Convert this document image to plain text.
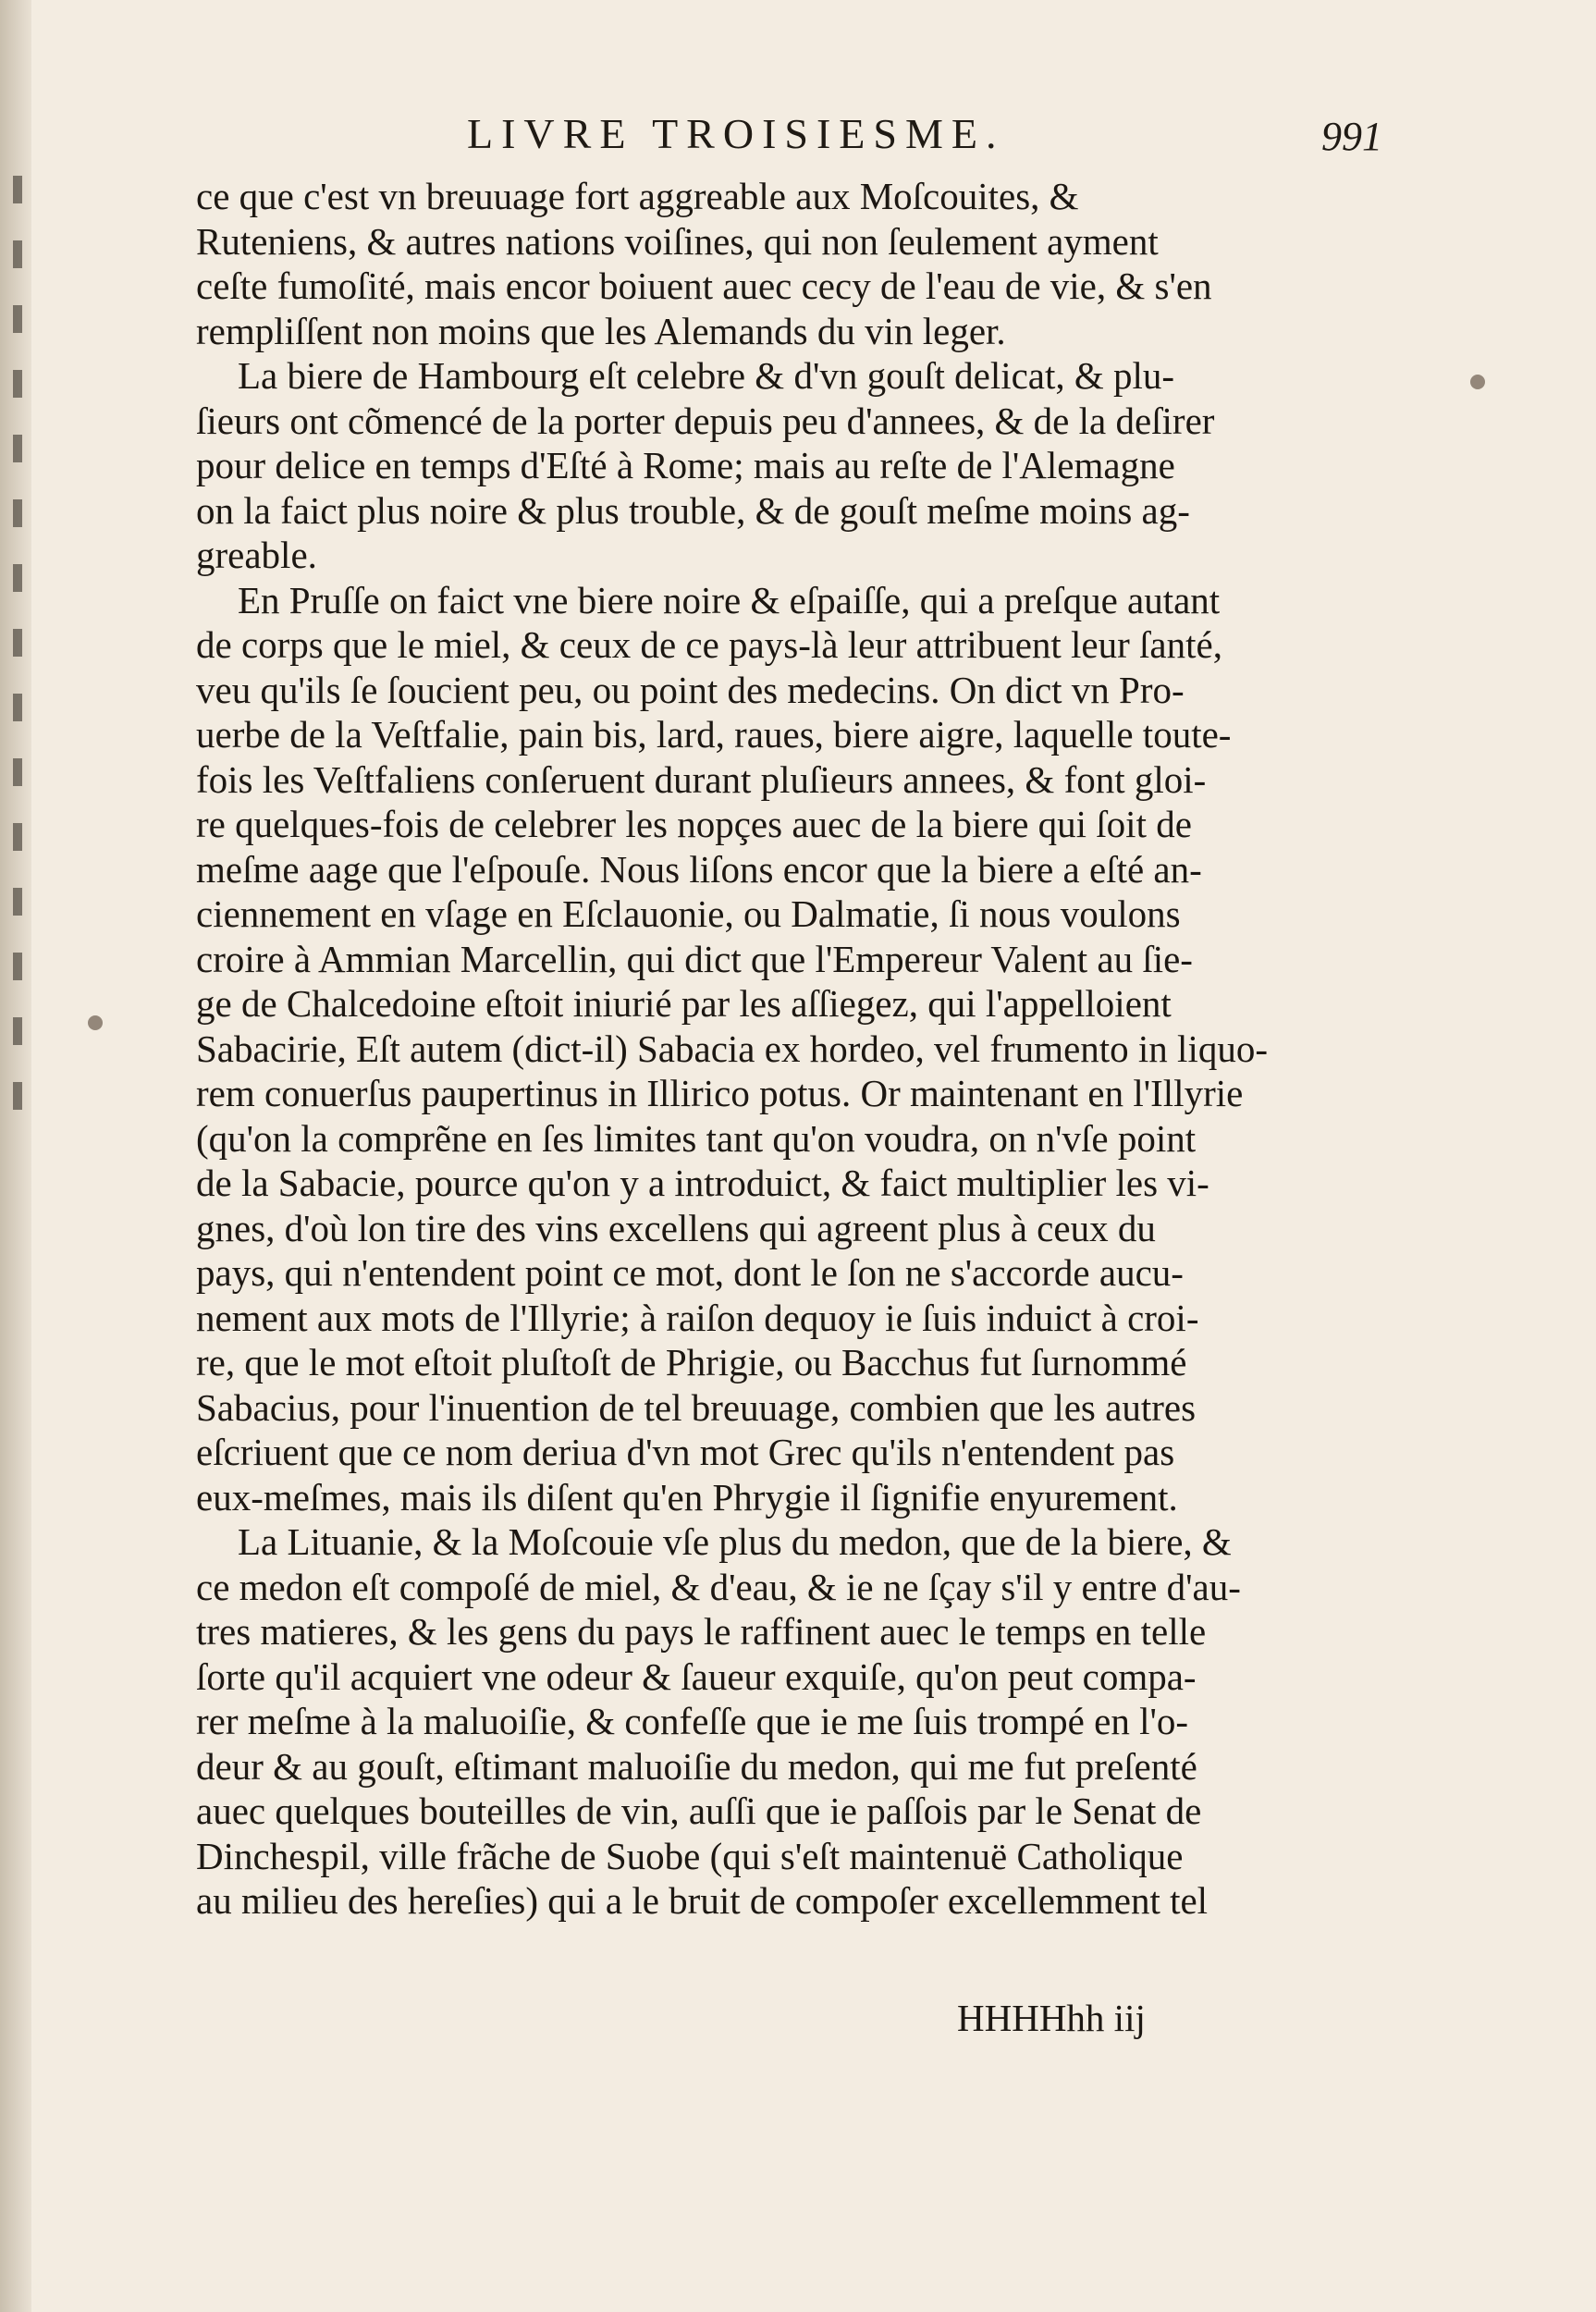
LIVRE TROISIESME.	991
ce que c'est vn breuuage fort aggreable aux Moſcouites, &
Ruteniens, & autres nations voiſines, qui non ſeulement ayment
ceſte fumoſité, mais encor boiuent auec cecy de l'eau de vie, & s'en
rempliſſent non moins que les Alemands du vin leger.
La biere de Hambourg eſt celebre & d'vn gouſt delicat, & plu-
ſieurs ont cõmencé de la porter depuis peu d'annees, & de la deſirer
pour delice en temps d'Eſté à Rome; mais au reſte de l'Alemagne
on la faict plus noire & plus trouble, & de gouſt meſme moins ag-
greable.
En Pruſſe on faict vne biere noire & eſpaiſſe, qui a preſque autant
de corps que le miel, & ceux de ce pays-là leur attribuent leur ſanté,
veu qu'ils ſe ſoucient peu, ou point des medecins. On dict vn Pro-
uerbe de la Veſtfalie, pain bis, lard, raues, biere aigre, laquelle toute-
fois les Veſtfaliens conſeruent durant pluſieurs annees, & font gloi-
re quelques-fois de celebrer les nopçes auec de la biere qui ſoit de
meſme aage que l'eſpouſe. Nous liſons encor que la biere a eſté an-
ciennement en vſage en Eſclauonie, ou Dalmatie, ſi nous voulons
croire à Ammian Marcellin, qui dict que l'Empereur Valent au ſie-
ge de Chalcedoine eſtoit iniurié par les aſſiegez, qui l'appelloient
Sabacirie, Eſt autem (dict-il) Sabacia ex hordeo, vel frumento in liquo-
rem conuerſus paupertinus in Illirico potus. Or maintenant en l'Illyrie
(qu'on la comprẽne en ſes limites tant qu'on voudra, on n'vſe point
de la Sabacie, pource qu'on y a introduict, & faict multiplier les vi-
gnes, d'où lon tire des vins excellens qui agreent plus à ceux du
pays, qui n'entendent point ce mot, dont le ſon ne s'accorde aucu-
nement aux mots de l'Illyrie; à raiſon dequoy ie ſuis induict à croi-
re, que le mot eſtoit pluſtoſt de Phrigie, ou Bacchus fut ſurnommé
Sabacius, pour l'inuention de tel breuuage, combien que les autres
eſcriuent que ce nom deriua d'vn mot Grec qu'ils n'entendent pas
eux-meſmes, mais ils diſent qu'en Phrygie il ſignifie enyurement.
La Lituanie, & la Moſcouie vſe plus du medon, que de la biere, &
ce medon eſt compoſé de miel, & d'eau, & ie ne ſçay s'il y entre d'au-
tres matieres, & les gens du pays le raffinent auec le temps en telle
ſorte qu'il acquiert vne odeur & ſaueur exquiſe, qu'on peut compa-
rer meſme à la maluoiſie, & confeſſe que ie me ſuis trompé en l'o-
deur & au gouſt, eſtimant maluoiſie du medon, qui me fut preſenté
auec quelques bouteilles de vin, auſſi que ie paſſois par le Senat de
Dinchespil, ville frãche de Suobe (qui s'eſt maintenuë Catholique
au milieu des hereſies) qui a le bruit de compoſer excellemment tel
HHHHhh iij
